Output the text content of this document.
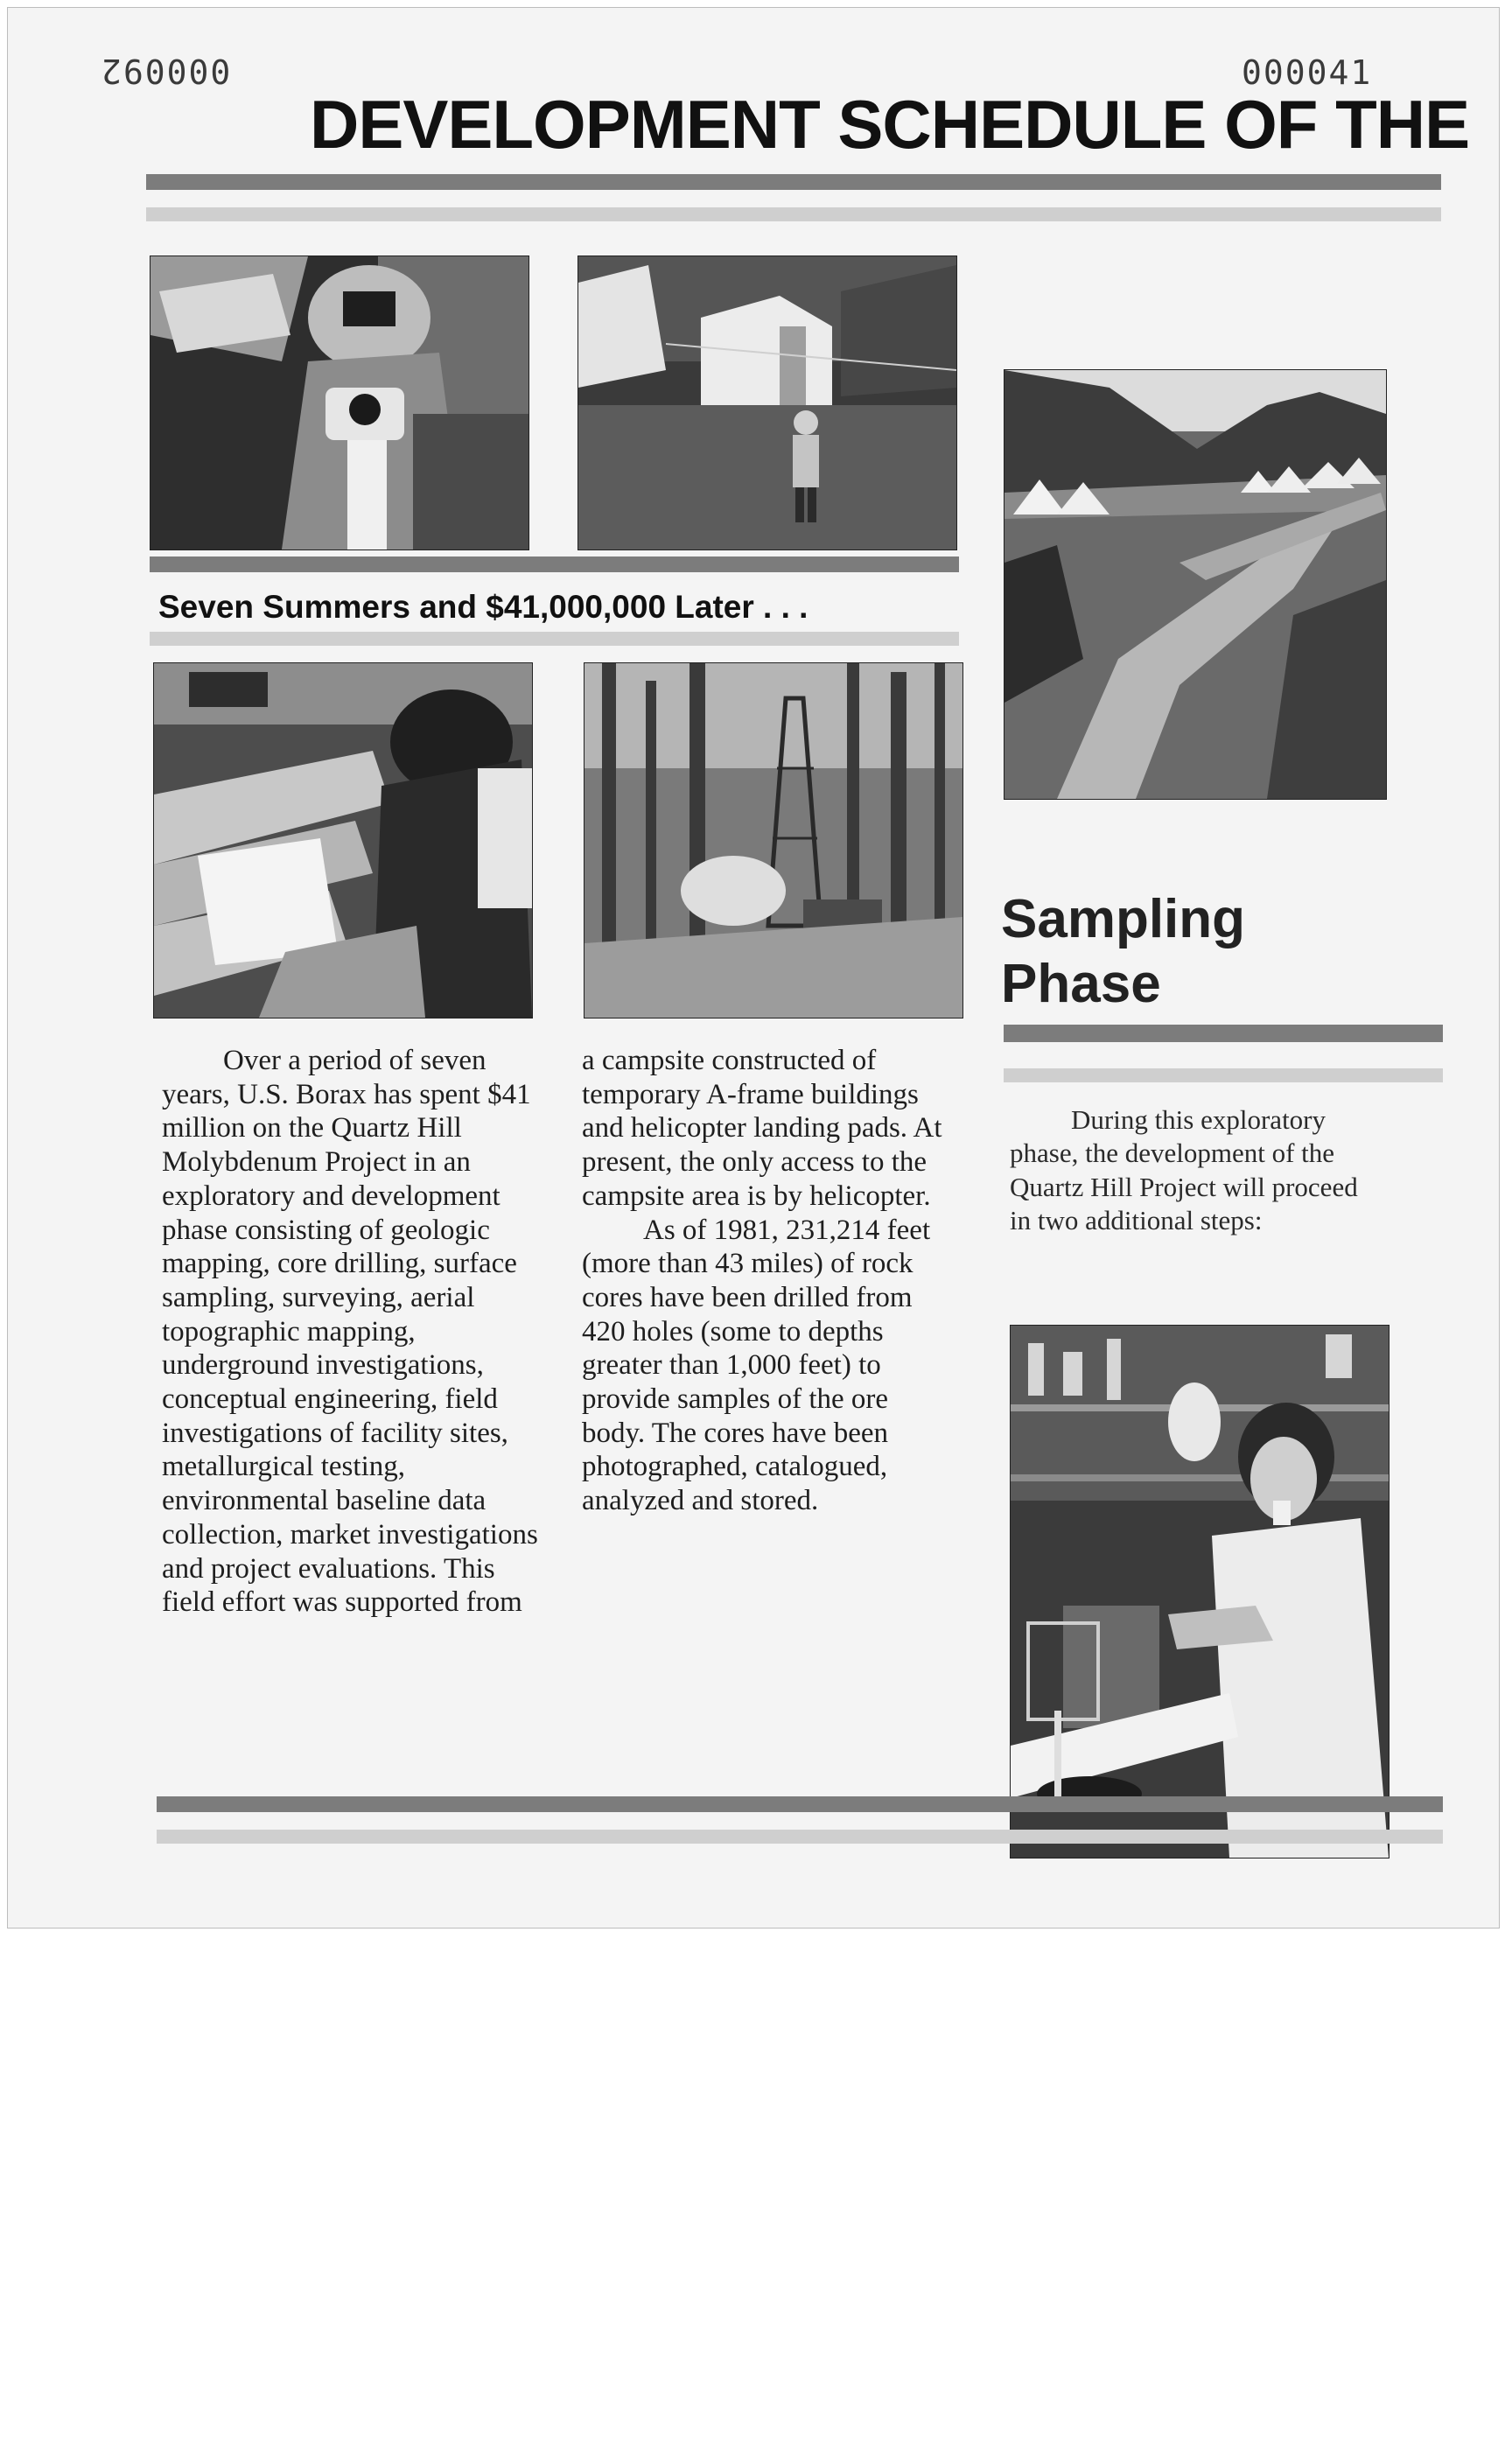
000092	000041
DEVELOPMENT SCHEDULE OF THE
Seven Summers and $41,000,000 Later . . .
Sampling
Phase

Over a period of seven years, U.S. Borax has spent $41 million on the Quartz Hill Molybdenum Project in an exploratory and development phase consisting of geologic mapping, core drilling, surface sampling, surveying, aerial topographic mapping, underground investigations, conceptual engineering, field investigations of facility sites, metallurgical testing, environmental baseline data collection, market investigations and project evaluations. This field effort was supported from

a campsite constructed of temporary A-frame buildings and helicopter landing pads. At present, the only access to the campsite area is by helicopter.

As of 1981, 231,214 feet (more than 43 miles) of rock cores have been drilled from 420 holes (some to depths greater than 1,000 feet) to provide samples of the ore body. The cores have been photographed, catalogued, analyzed and stored.

During this exploratory phase, the development of the Quartz Hill Project will proceed in two additional steps:
